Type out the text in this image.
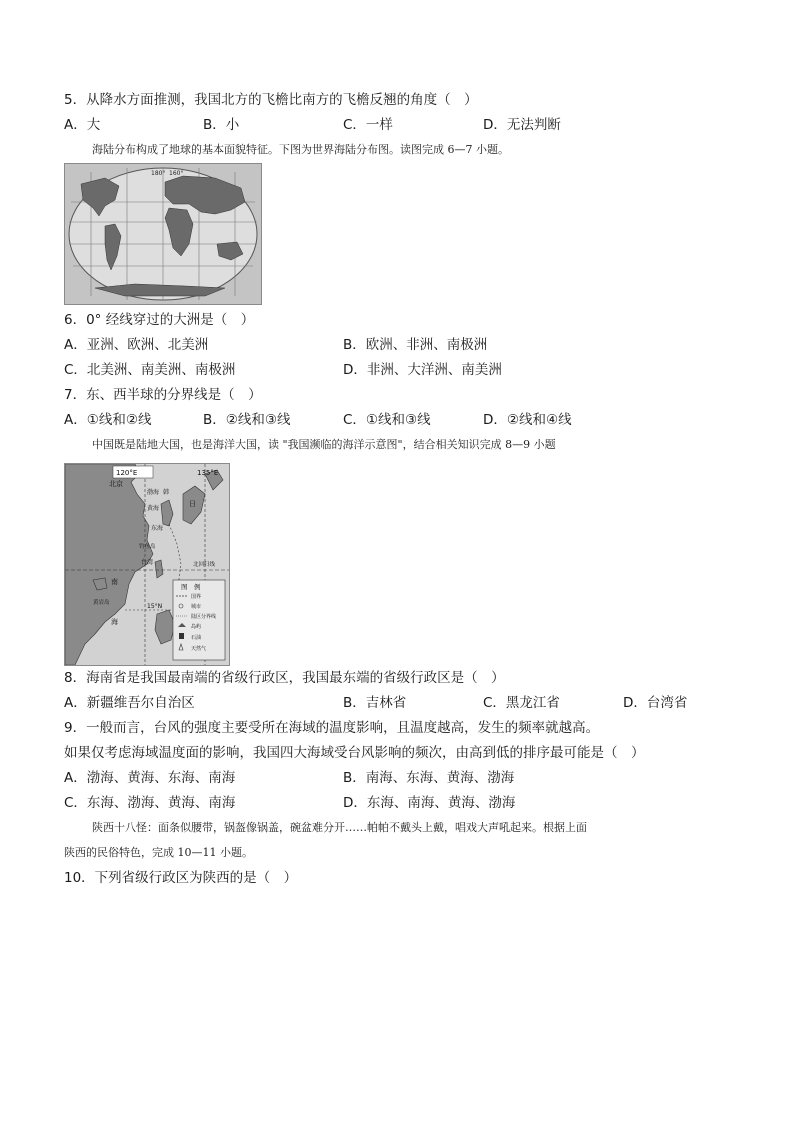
5．从降水方面推测，我国北方的飞檐比南方的飞檐反翘的角度（　）
A．大	B．小	C．一样	D．无法判断
海陆分布构成了地球的基本面貌特征。下图为世界海陆分布图。读图完成 6—7 小题。
180° 160°
6．0° 经线穿过的大洲是（　）
A．亚洲、欧洲、北美洲	B．欧洲、非洲、南极洲
C．北美洲、南美洲、南极洲	D．非洲、大洋洲、南美洲
7．东、西半球的分界线是（　）
A．①线和②线	B．②线和③线	C．①线和③线	D．②线和④线
中国既是陆地大国，也是海洋大国，读 "我国濒临的海洋示意图"，结合相关知识完成 8—9 小题
120°E	135°E
北京
渤海
黄海
韩
日
东海
钓鱼岛
台湾	北回归线
南
海
黄岩岛	15°N
图　例
国界
城市
陆区分界线
岛屿
石油
天然气
8．海南省是我国最南端的省级行政区，我国最东端的省级行政区是（　）
A．新疆维吾尔自治区	B．吉林省	C．黑龙江省	D．台湾省
9．一般而言，台风的强度主要受所在海域的温度影响，且温度越高，发生的频率就越高。
如果仅考虑海域温度面的影响，我国四大海域受台风影响的频次，由高到低的排序最可能是（　）
A．渤海、黄海、东海、南海	B．南海、东海、黄海、渤海
C．东海、渤海、黄海、南海	D．东海、南海、黄海、渤海
陕西十八怪：面条似腰带，锅盔像锅盖，碗盆难分开……帕帕不戴头上戴，唱戏大声吼起来。根据上面
陕西的民俗特色，完成 10—11 小题。
10．下列省级行政区为陕西的是（　）
